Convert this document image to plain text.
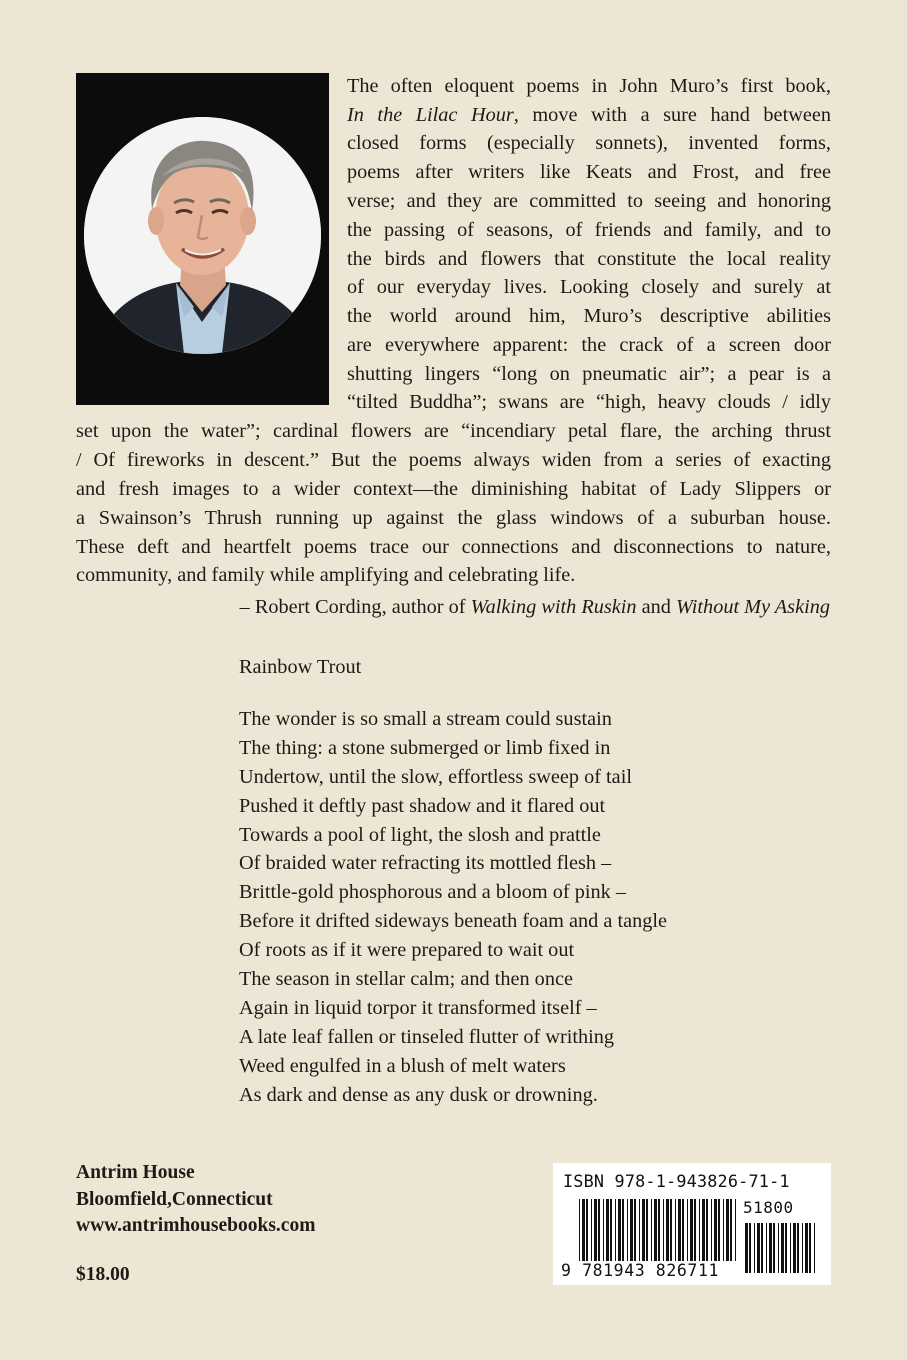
The often eloquent poems in John Muro’s first book,
In the Lilac Hour, move with a sure hand between
closed forms (especially sonnets), invented forms,
poems after writers like Keats and Frost, and free
verse; and they are committed to seeing and honoring
the passing of seasons, of friends and family, and to
the birds and flowers that constitute the local reality
of our everyday lives. Looking closely and surely at
the world around him, Muro’s descriptive abilities
are everywhere apparent: the crack of a screen door
shutting lingers “long on pneumatic air”; a pear is a
“tilted Buddha”; swans are “high, heavy clouds / idly
set upon the water”; cardinal flowers are “incendiary petal flare, the arching thrust
/ Of fireworks in descent.” But the poems always widen from a series of exacting
and fresh images to a wider context—the diminishing habitat of Lady Slippers or
a Swainson’s Thrush running up against the glass windows of a suburban house.
These deft and heartfelt poems trace our connections and disconnections to nature,
community, and family while amplifying and celebrating life.
– Robert Cording, author of Walking with Ruskin and Without My Asking
Rainbow Trout
The wonder is so small a stream could sustain
The thing: a stone submerged or limb fixed in
Undertow, until the slow, effortless sweep of tail
Pushed it deftly past shadow and it flared out
Towards a pool of light, the slosh and prattle
Of braided water refracting its mottled flesh –
Brittle-gold phosphorous and a bloom of pink –
Before it drifted sideways beneath foam and a tangle
Of roots as if it were prepared to wait out
The season in stellar calm; and then once
Again in liquid torpor it transformed itself –
A late leaf fallen or tinseled flutter of writhing
Weed engulfed in a blush of melt waters
As dark and dense as any dusk or drowning.
Antrim House
Bloomfield,Connecticut
www.antrimhousebooks.com
$18.00
ISBN 978-1-943826-71-1
51800
9 781943 826711
